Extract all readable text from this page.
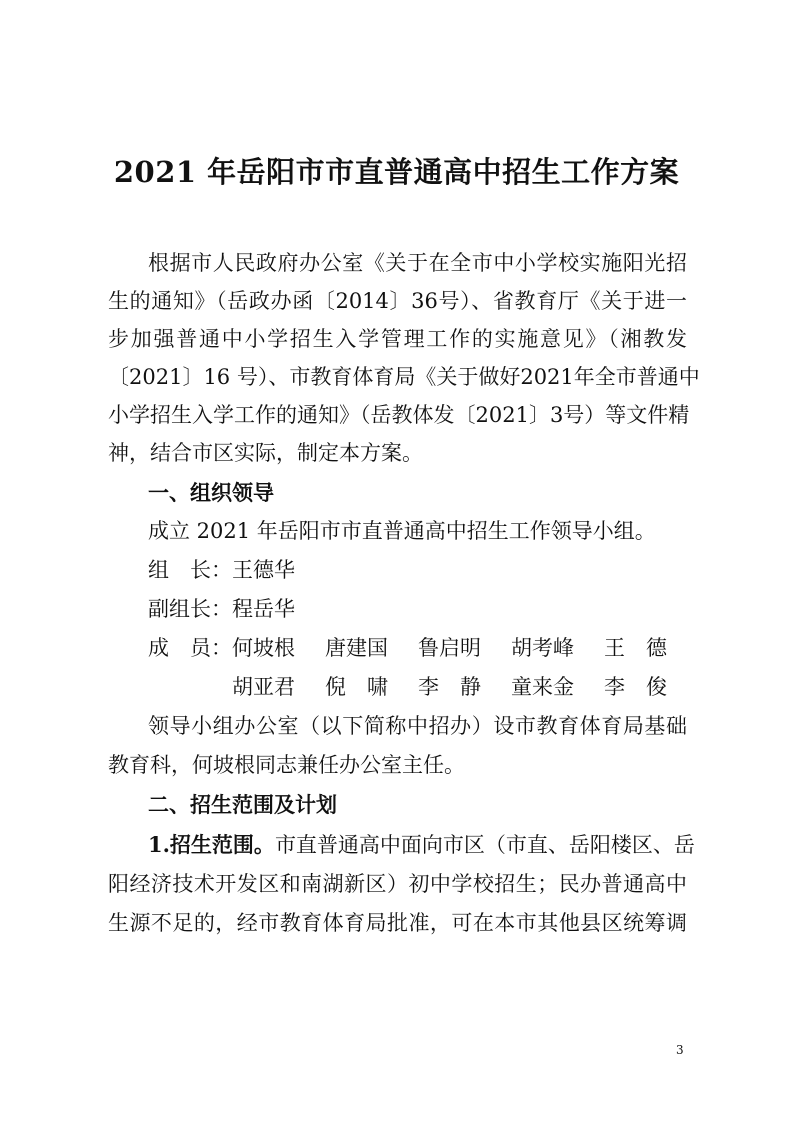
2021 年岳阳市市直普通高中招生工作方案
根据市人民政府办公室《关于在全市中小学校实施阳光招
生的通知》（岳政办函〔2014〕36号）、省教育厅《关于进一
步加强普通中小学招生入学管理工作的实施意见》（湘教发
〔2021〕16 号）、市教育体育局《关于做好2021年全市普通中
小学招生入学工作的通知》（岳教体发〔2021〕3号）等文件精
神，结合市区实际，制定本方案。
一、组织领导
成立 2021 年岳阳市市直普通高中招生工作领导小组。
组　长：王德华
副组长：程岳华
成　员：何坡根 唐建国 鲁启明 胡考峰 王　德
胡亚君 倪　啸 李　静 童来金 李　俊
领导小组办公室（以下简称中招办）设市教育体育局基础
教育科，何坡根同志兼任办公室主任。
二、招生范围及计划
1.招生范围。市直普通高中面向市区（市直、岳阳楼区、岳
阳经济技术开发区和南湖新区）初中学校招生；民办普通高中
生源不足的，经市教育体育局批准，可在本市其他县区统筹调
3
